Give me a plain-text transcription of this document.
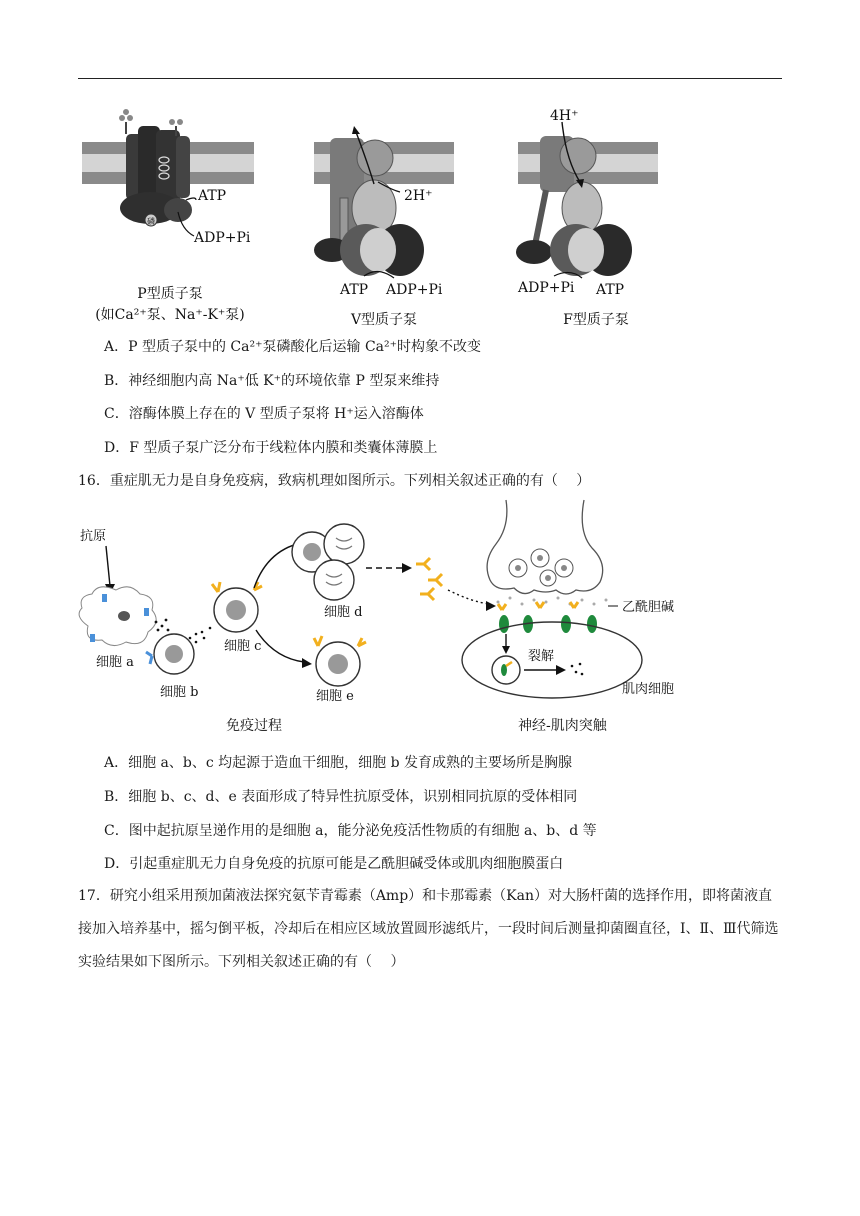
磷
ATP
ADP+Pi
P型质子泵
(如Ca²⁺泵、Na⁺-K⁺泵)
2H⁺
ATP ADP+Pi
V型质子泵
4H⁺
ADP+Pi ATP
F型质子泵
A．P 型质子泵中的 Ca²⁺泵磷酸化后运输 Ca²⁺时构象不改变
B．神经细胞内高 Na⁺低 K⁺的环境依靠 P 型泵来维持
C．溶酶体膜上存在的 V 型质子泵将 H⁺运入溶酶体
D．F 型质子泵广泛分布于线粒体内膜和类囊体薄膜上
16．重症肌无力是自身免疫病，致病机理如图所示。下列相关叙述正确的有（　 ）
抗原
细胞 a
细胞 b
细胞 c
细胞 d
细胞 e
免疫过程
乙酰胆碱
裂解
肌肉细胞
神经-肌肉突触
A．细胞 a、b、c 均起源于造血干细胞，细胞 b 发育成熟的主要场所是胸腺
B．细胞 b、c、d、e 表面形成了特异性抗原受体，识别相同抗原的受体相同
C．图中起抗原呈递作用的是细胞 a，能分泌免疫活性物质的有细胞 a、b、d 等
D．引起重症肌无力自身免疫的抗原可能是乙酰胆碱受体或肌肉细胞膜蛋白
17．研究小组采用预加菌液法探究氨苄青霉素（Amp）和卡那霉素（Kan）对大肠杆菌的选择作用，即将菌液直接加入培养基中，摇匀倒平板，冷却后在相应区域放置圆形滤纸片，一段时间后测量抑菌圈直径，Ⅰ、Ⅱ、Ⅲ代筛选实验结果如下图所示。下列相关叙述正确的有（　 ）
